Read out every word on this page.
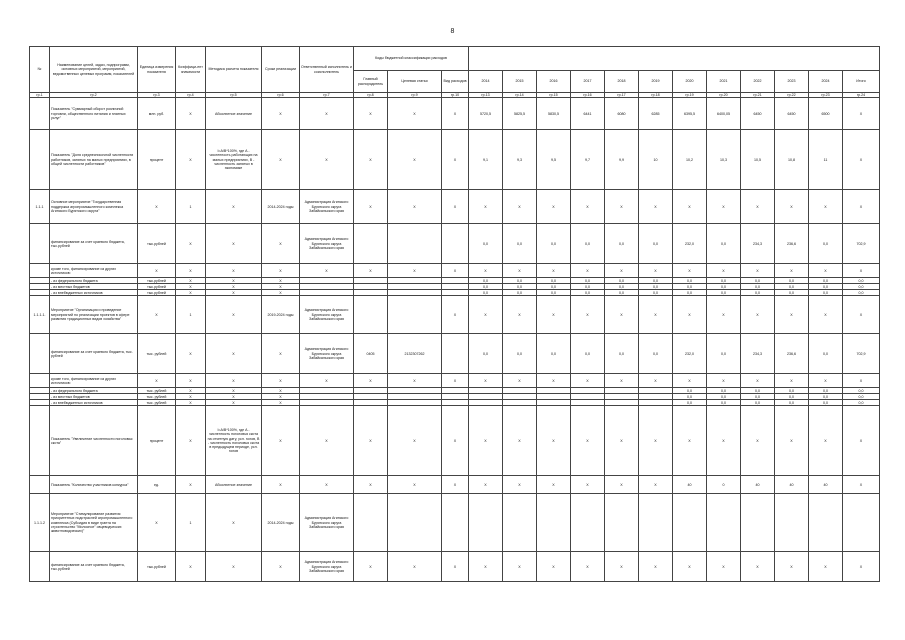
8
№	Наименование целей, задач, подпрограмм, основных мероприятий, мероприятий, ведомственных целевых программ, показателей	Единица измерения показателя	Коэффици-ент значимости	Методика расчета показателя	Сроки реализации	Ответственный исполнитель и соисполнитель	Коды бюджетной классификации расходов														
							Главный распорядитель	Целевая статья	Вид расходов	2014	2015	2016	2017	2018	2019	2020	2021	2022	2023	2024	Итого
гр.1	гр.2	гр.3	гр.4	гр.5	гр.6	гр.7	гр.8	гр.9	гр.10	гр.13	гр.14	гр.15	гр.16	гр.17	гр.18	гр.19	гр.20	гр.21	гр.22	гр.23	гр.24
	Показатель "Суммарный оборот розничной торговли, общественного питания и платных услуг"	млн. руб.	Х	Абсолютное значение	Х	Х	Х	Х	Х	5720,5	5825,5	5830,5	6441	6080	6285	6395,5	6400,05	6450	6450	6500	Х
	Показатель "Доля среднесписочной численности работников, занятых на малых предприятиях, в общей численности работников"	процент	Х	I=A/B*100%, где A - численность работающих на малых предприятиях, B - численность занятых в экономике	Х	Х	Х	Х	Х	9,1	9,3	9,5	9,7	9,9	10	10,2	10,3	10,5	10,8	11	Х
1.1.1	Основное мероприятие "Государственная поддержка агропромышленного комплекса Агинского Бурятского округа"	Х	1	Х	2014-2024 годы	Администрация Агинского Бурятского округа Забайкальского края	Х	Х	Х	Х	Х	Х	Х	Х	Х	Х	Х	Х	Х	Х	Х
	финансирование за счет краевого бюджета, тыс.рублей	тыс.рублей	Х	Х	Х	Администрация Агинского Бурятского округа Забайкальского края				0,0	0,0	0,0	0,0	0,0	0,0	232,0	0,0	234,3	236,6	0,0	702,9
	кроме того, финансирование из других источников:	Х	Х	Х	Х	Х	Х	Х	Х	Х	Х	Х	Х	Х	Х	Х	Х	Х	Х	Х	Х
	- из федерального бюджета	тыс.рублей	Х	Х	Х					0,0	0,0	0,0	0,0	0,0	0,0	0,0	0,0	0,0	0,0	0,0	0,0
	- из местных бюджетов	тыс.рублей	Х	Х	Х					0,0	0,0	0,0	0,0	0,0	0,0	0,0	0,0	0,0	0,0	0,0	0,0
	- из внебюджетных источников	тыс.рублей	Х	Х	Х					0,0	0,0	0,0	0,0	0,0	0,0	0,0	0,0	0,0	0,0	0,0	0,0
1.1.1.1.	Мероприятие "Организация и проведение мероприятий по реализации проектов в сфере развития традиционных видов хозяйства"	Х	1	Х	2019-2024 годы	Администрация Агинского Бурятского округа Забайкальского края			Х	Х	Х	Х	Х	Х	Х	Х	Х	Х	Х	Х	Х
	финансирование за счет краевого бюджета, тыс. рублей	тыс. рублей	Х	Х	Х	Администрация Агинского Бурятского округа Забайкальского края	0405	2132307262		0,0	0,0	0,0	0,0	0,0	0,0	232,0	0,0	234,3	236,6	0,0	702,9
	кроме того, финансирование из других источников:	Х	Х	Х	Х	Х	Х	Х	Х	Х	Х	Х	Х	Х	Х	Х	Х	Х	Х	Х	Х
	- из федерального бюджета	тыс. рублей	Х	Х	Х											0,0	0,0	0,0	0,0	0,0	0,0
	- из местных бюджетов	тыс. рублей	Х	Х	Х											0,0	0,0	0,0	0,0	0,0	0,0
	- из внебюджетных источников	тыс. рублей	Х	Х	Х											0,0	0,0	0,0	0,0	0,0	0,0
	Показатель "Увеличение численности поголовья скота"	процент	Х	I=A/B*100%, где A - численность поголовья скота на отчетную дату, усл. голов, B - численность поголовья скота в предыдущем периоде, усл. голов	Х	Х	Х	Х	Х	Х	Х	Х	Х	Х	Х	Х	Х	Х	Х	Х	Х
	Показатель "Количество участников конкурса"	ед.	Х	Абсолютное значение	Х	Х	Х	Х	Х	Х	Х	Х	Х	Х	Х	40	0	40	40	40	Х
1.1.1.2	Мероприятие "Стимулирование развития приоритетных подотраслей агропромышленного комплекса (Субсидия в виде гранта на строительство "Милосное" овцеводческих животноводческих)"	Х	1	Х	2014-2024 годы	Администрация Агинского Бурятского округа Забайкальского края															
	финансирование за счет краевого бюджета, тыс.рублей	тыс.рублей	Х	Х	Х	Администрация Агинского Бурятского округа Забайкальского края	Х	Х	Х	Х	Х	Х	Х	Х	Х	Х	Х	Х	Х	Х	Х
